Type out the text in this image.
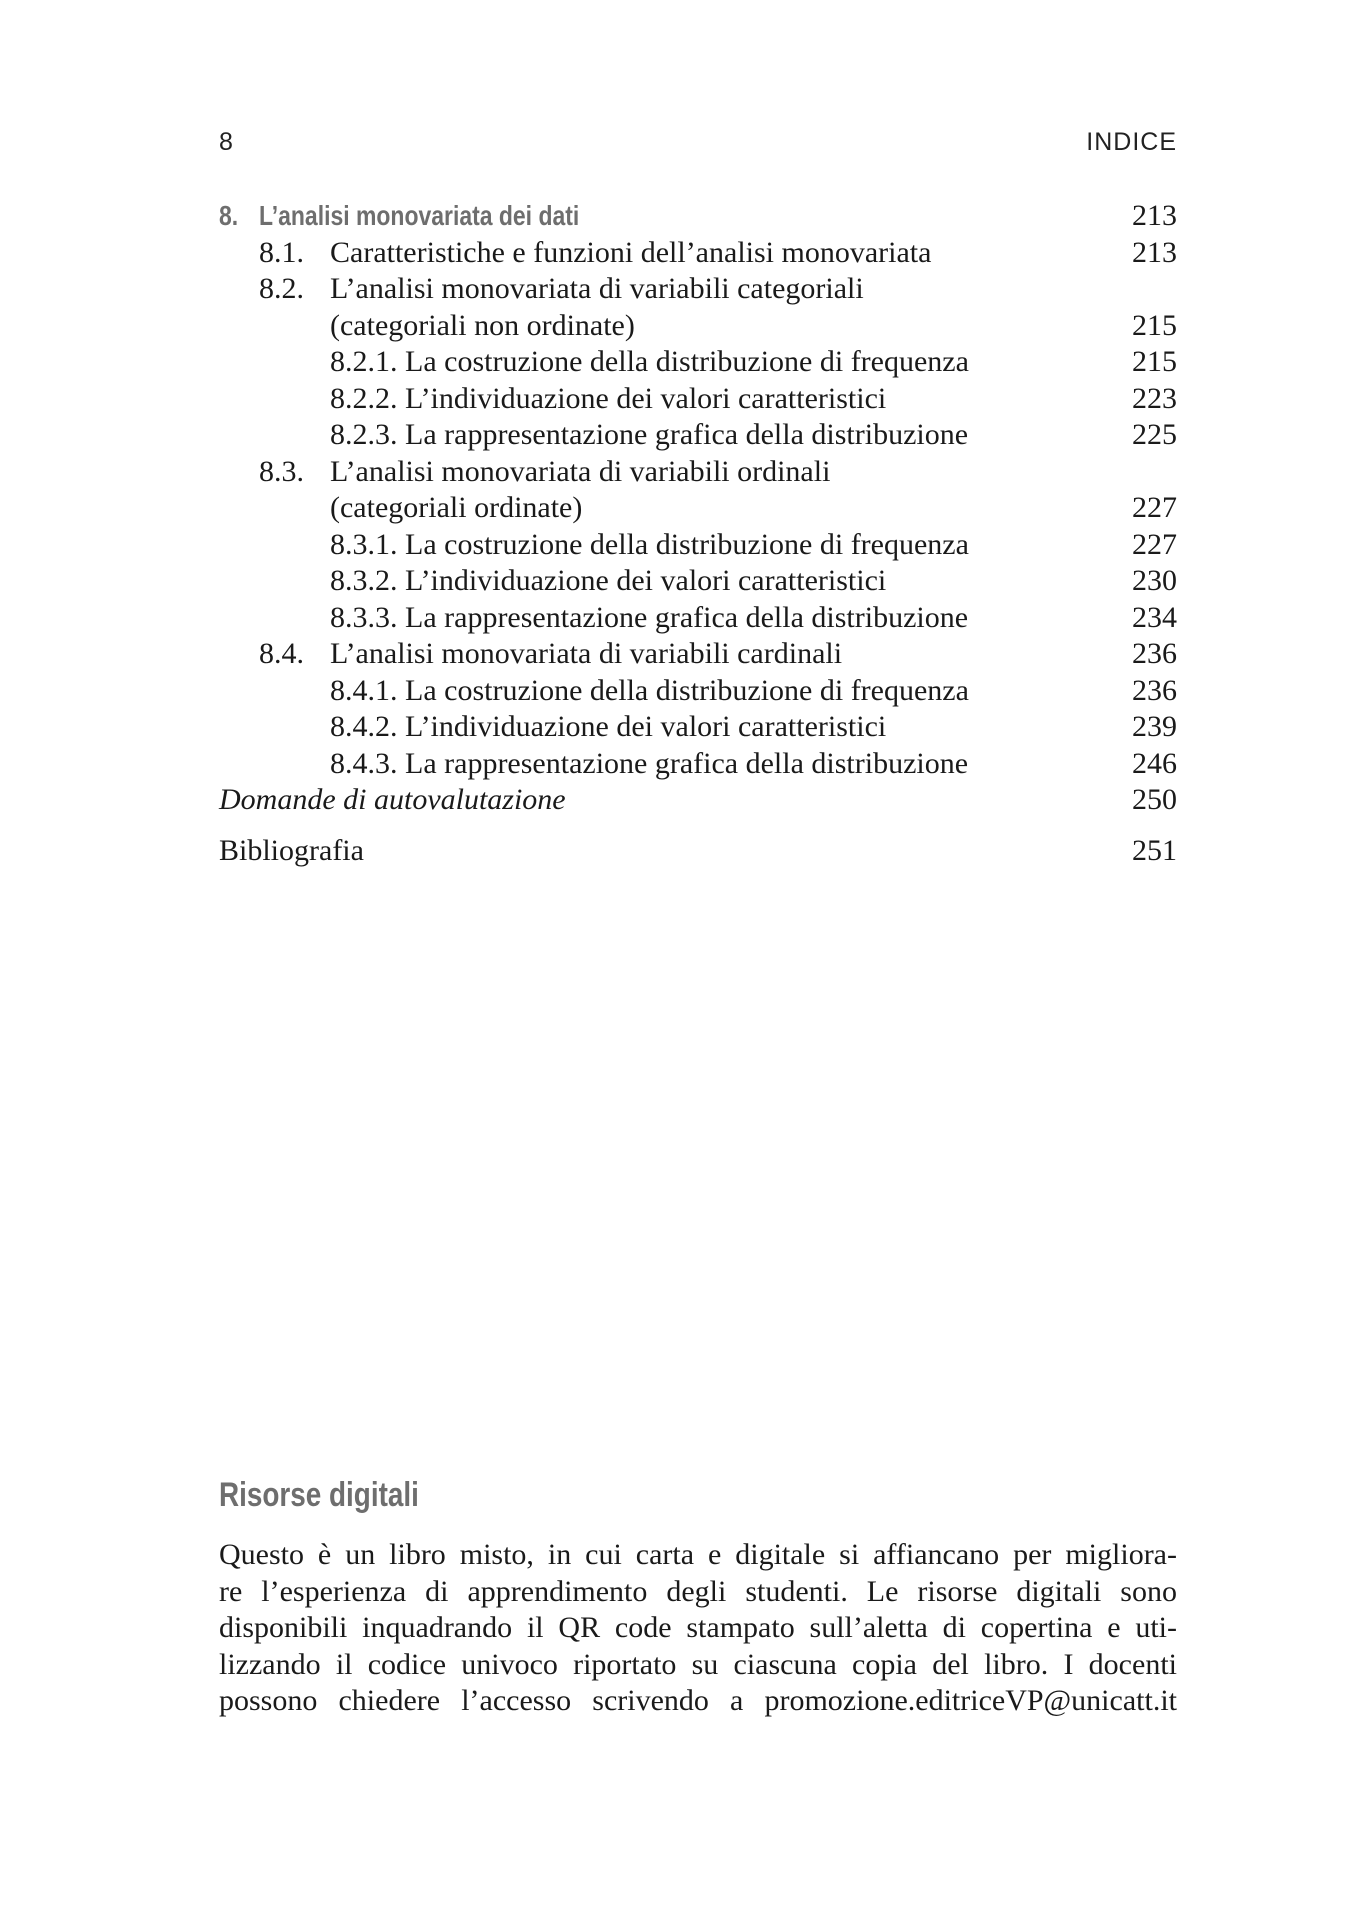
8	INDICE
8. L’analisi monovariata dei dati	213
8.1. Caratteristiche e funzioni dell’analisi monovariata	213
8.2. L’analisi monovariata di variabili categoriali
(categoriali non ordinate)	215
8.2.1. La costruzione della distribuzione di frequenza	215
8.2.2. L’individuazione dei valori caratteristici	223
8.2.3. La rappresentazione grafica della distribuzione	225
8.3. L’analisi monovariata di variabili ordinali
(categoriali ordinate)	227
8.3.1. La costruzione della distribuzione di frequenza	227
8.3.2. L’individuazione dei valori caratteristici	230
8.3.3. La rappresentazione grafica della distribuzione	234
8.4. L’analisi monovariata di variabili cardinali	236
8.4.1. La costruzione della distribuzione di frequenza	236
8.4.2. L’individuazione dei valori caratteristici	239
8.4.3. La rappresentazione grafica della distribuzione	246
Domande di autovalutazione	250
Bibliografia	251
Risorse digitali
Questo è un libro misto, in cui carta e digitale si affiancano per migliora-
re l’esperienza di apprendimento degli studenti. Le risorse digitali sono
disponibili inquadrando il QR code stampato sull’aletta di copertina e uti-
lizzando il codice univoco riportato su ciascuna copia del libro. I docenti
possono chiedere l’accesso scrivendo a promozione.editriceVP@unicatt.it
